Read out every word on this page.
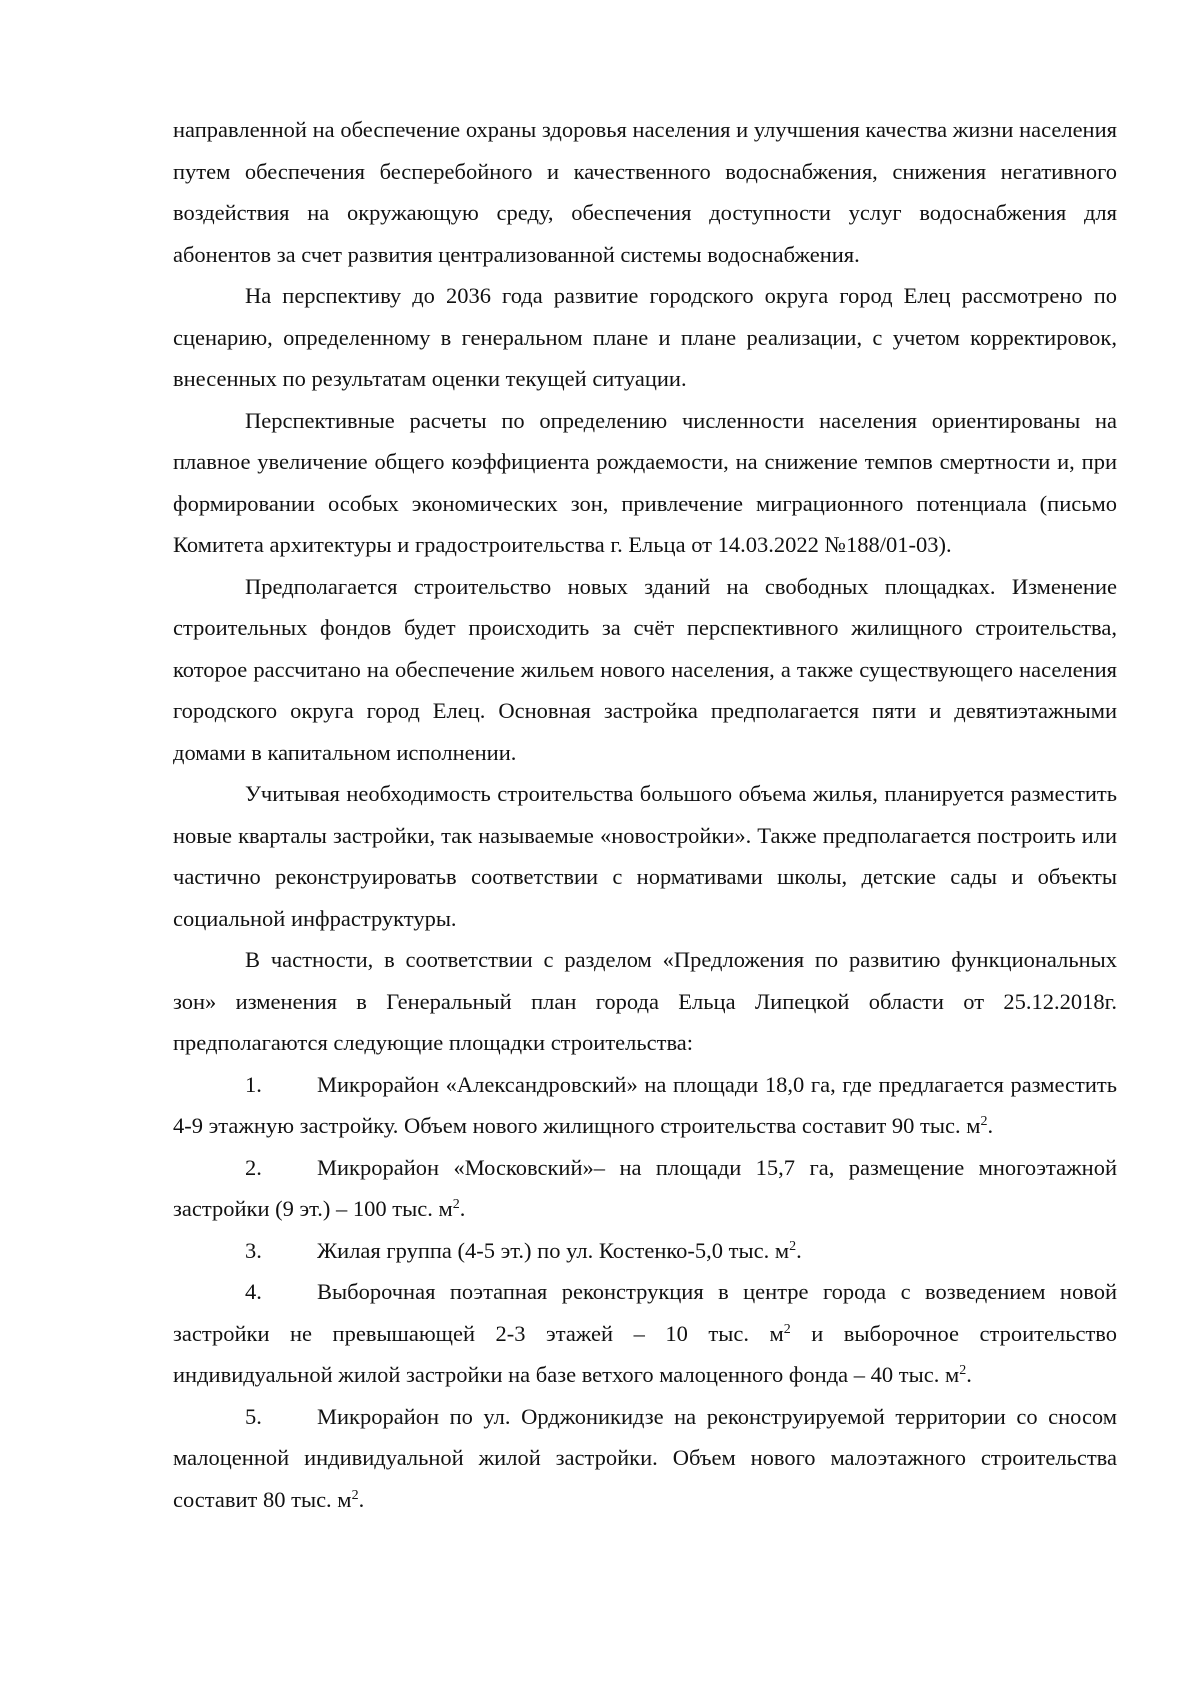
направленной на обеспечение охраны здоровья населения и улучшения качества жизни населения путем обеспечения бесперебойного и качественного водоснабжения, снижения негативного воздействия на окружающую среду, обеспечения доступности услуг водоснабжения для абонентов за счет развития централизованной системы водоснабжения.

На перспективу до 2036 года развитие городского округа город Елец рассмотрено по сценарию, определенному в генеральном плане и плане реализации, с учетом корректировок, внесенных по результатам оценки текущей ситуации.

Перспективные расчеты по определению численности населения ориентированы на плавное увеличение общего коэффициента рождаемости, на снижение темпов смертности и, при формировании особых экономических зон, привлечение миграционного потенциала (письмо Комитета архитектуры и градостроительства г. Ельца от 14.03.2022 №188/01-03).

Предполагается строительство новых зданий на свободных площадках. Изменение строительных фондов будет происходить за счёт перспективного жилищного строительства, которое рассчитано на обеспечение жильем нового населения, а также существующего населения городского округа город Елец. Основная застройка предполагается пяти и девятиэтажными домами в капитальном исполнении.

Учитывая необходимость строительства большого объема жилья, планируется разместить новые кварталы застройки, так называемые «новостройки». Также предполагается построить или частично реконструироватьв соответствии с нормативами школы, детские сады и объекты социальной инфраструктуры.

В частности, в соответствии с разделом «Предложения по развитию функциональных зон» изменения в Генеральный план города Ельца Липецкой области от 25.12.2018г. предполагаются следующие площадки строительства:

1. Микрорайон «Александровский» на площади 18,0 га, где предлагается разместить 4-9 этажную застройку. Объем нового жилищного строительства составит 90 тыс. $м^2$.

2. Микрорайон «Московский»– на площади 15,7 га, размещение многоэтажной застройки (9 эт.) – 100 тыс. $м^2$.

3. Жилая группа (4-5 эт.) по ул. Костенко-5,0 тыс. $м^2$.

4. Выборочная поэтапная реконструкция в центре города с возведением новой застройки не превышающей 2-3 этажей – 10 тыс. $м^2$ и выборочное строительство индивидуальной жилой застройки на базе ветхого малоценного фонда – 40 тыс. $м^2$.

5. Микрорайон по ул. Орджоникидзе на реконструируемой территории со сносом малоценной индивидуальной жилой застройки. Объем нового малоэтажного строительства составит 80 тыс. $м^2$.
